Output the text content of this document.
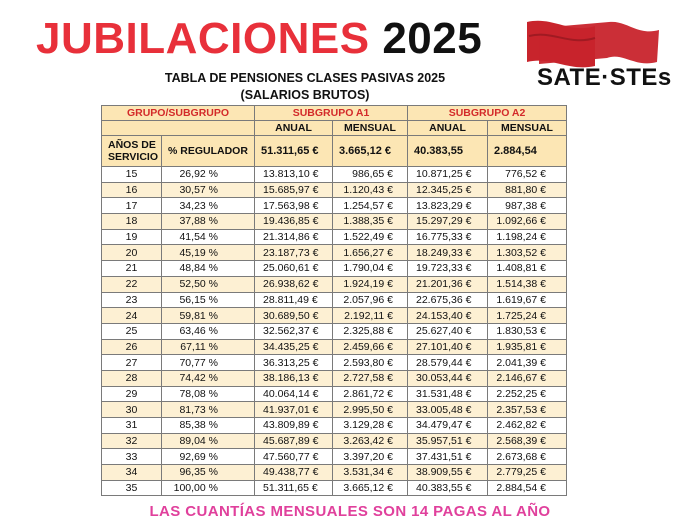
JUBILACIONES 2025
TABLA DE PENSIONES CLASES PASIVAS 2025
(SALARIOS BRUTOS)
SATE·STEs
GRUPO/SUBGRUPO		SUBGRUPO A1		SUBGRUPO A2	
		ANUAL	MENSUAL	ANUAL	MENSUAL
AÑOS DE
SERVICIO	% REGULADOR	51.311,65 €	3.665,12 €	40.383,55	2.884,54
15	26,92 %	13.813,10 €	986,65 €	10.871,25 €	776,52 €
16	30,57 %	15.685,97 €	1.120,43 €	12.345,25 €	881,80 €
17	34,23 %	17.563,98 €	1.254,57 €	13.823,29 €	987,38 €
18	37,88 %	19.436,85 €	1.388,35 €	15.297,29 €	1.092,66 €
19	41,54 %	21.314,86 €	1.522,49 €	16.775,33 €	1.198,24 €
20	45,19 %	23.187,73 €	1.656,27 €	18.249,33 €	1.303,52 €
21	48,84 %	25.060,61 €	1.790,04 €	19.723,33 €	1.408,81 €
22	52,50 %	26.938,62 €	1.924,19 €	21.201,36 €	1.514,38 €
23	56,15 %	28.811,49 €	2.057,96 €	22.675,36 €	1.619,67 €
24	59,81 %	30.689,50 €	2.192,11 €	24.153,40 €	1.725,24 €
25	63,46 %	32.562,37 €	2.325,88 €	25.627,40 €	1.830,53 €
26	67,11 %	34.435,25 €	2.459,66 €	27.101,40 €	1.935,81 €
27	70,77 %	36.313,25 €	2.593,80 €	28.579,44 €	2.041,39 €
28	74,42 %	38.186,13 €	2.727,58 €	30.053,44 €	2.146,67 €
29	78,08 %	40.064,14 €	2.861,72 €	31.531,48 €	2.252,25 €
30	81,73 %	41.937,01 €	2.995,50 €	33.005,48 €	2.357,53 €
31	85,38 %	43.809,89 €	3.129,28 €	34.479,47 €	2.462,82 €
32	89,04 %	45.687,89 €	3.263,42 €	35.957,51 €	2.568,39 €
33	92,69 %	47.560,77 €	3.397,20 €	37.431,51 €	2.673,68 €
34	96,35 %	49.438,77 €	3.531,34 €	38.909,55 €	2.779,25 €
35	100,00 %	51.311,65 €	3.665,12 €	40.383,55 €	2.884,54 €
LAS CUANTÍAS MENSUALES SON 14 PAGAS AL AÑO
